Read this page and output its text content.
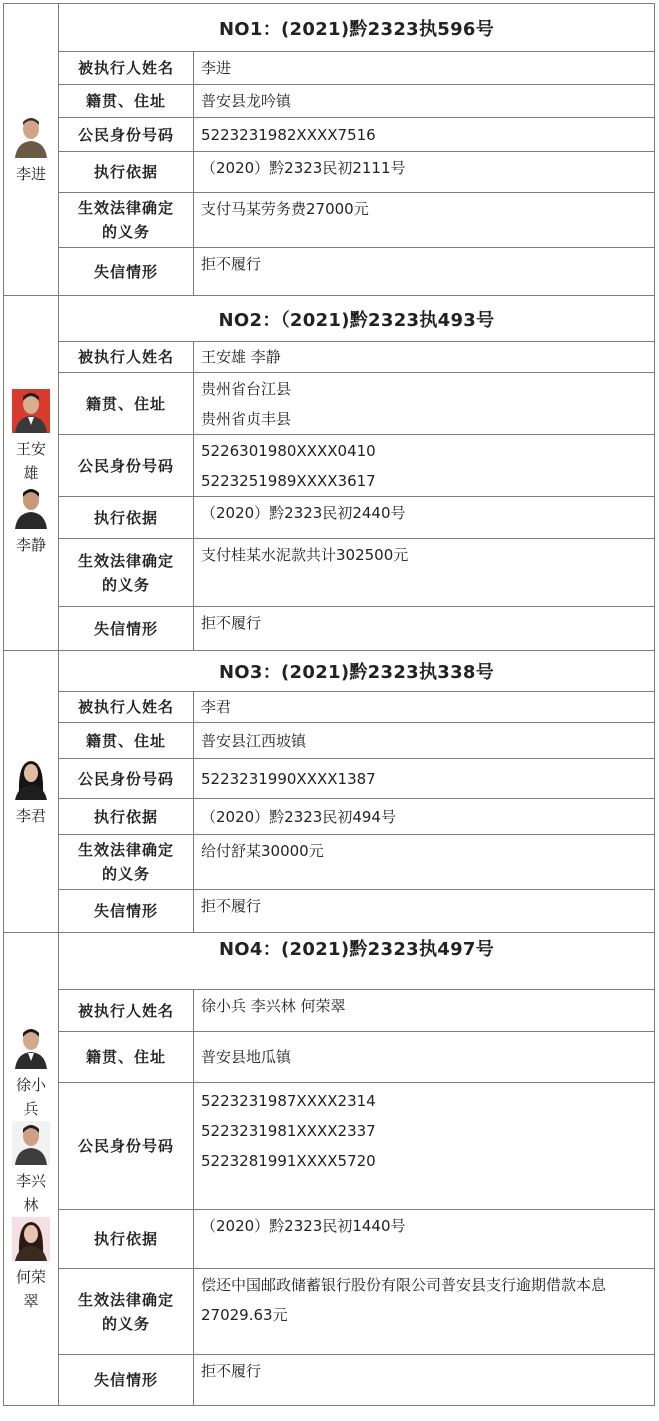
李进	NO1：(2021)黔2323执596号	
	被执行人姓名	李进
	籍贯、住址	普安县龙吟镇

	公民身份号码	5223231982XXXX7516

	执行依据	（2020）黔2323民初2111号

	生效法律确定
的义务	支付马某劳务费27000元

	失信情形	拒不履行

王安雄
李静	NO2：（2021)黔2323执493号	
	被执行人姓名	王安雄 李静
	籍贯、住址	贵州省台江县
贵州省贞丰县

	公民身份号码	5226301980XXXX0410
5223251989XXXX3617

	执行依据	（2020）黔2323民初2440号

	生效法律确定
的义务	支付桂某水泥款共计302500元

	失信情形	拒不履行

李君	NO3：(2021)黔2323执338号	
	被执行人姓名	李君
	籍贯、住址	普安县江西坡镇

	公民身份号码	5223231990XXXX1387

	执行依据	（2020）黔2323民初494号

	生效法律确定
的义务	给付舒某30000元

	失信情形	拒不履行

徐小兵
李兴林
何荣翠	NO4：(2021)黔2323执497号	
	被执行人姓名	徐小兵 李兴林 何荣翠
	籍贯、住址	普安县地瓜镇

	公民身份号码	5223231987XXXX2314
5223231981XXXX2337
5223281991XXXX5720

	执行依据	（2020）黔2323民初1440号

	生效法律确定
的义务	偿还中国邮政储蓄银行股份有限公司普安县支行逾期借款本息 27029.63元

	失信情形	拒不履行
